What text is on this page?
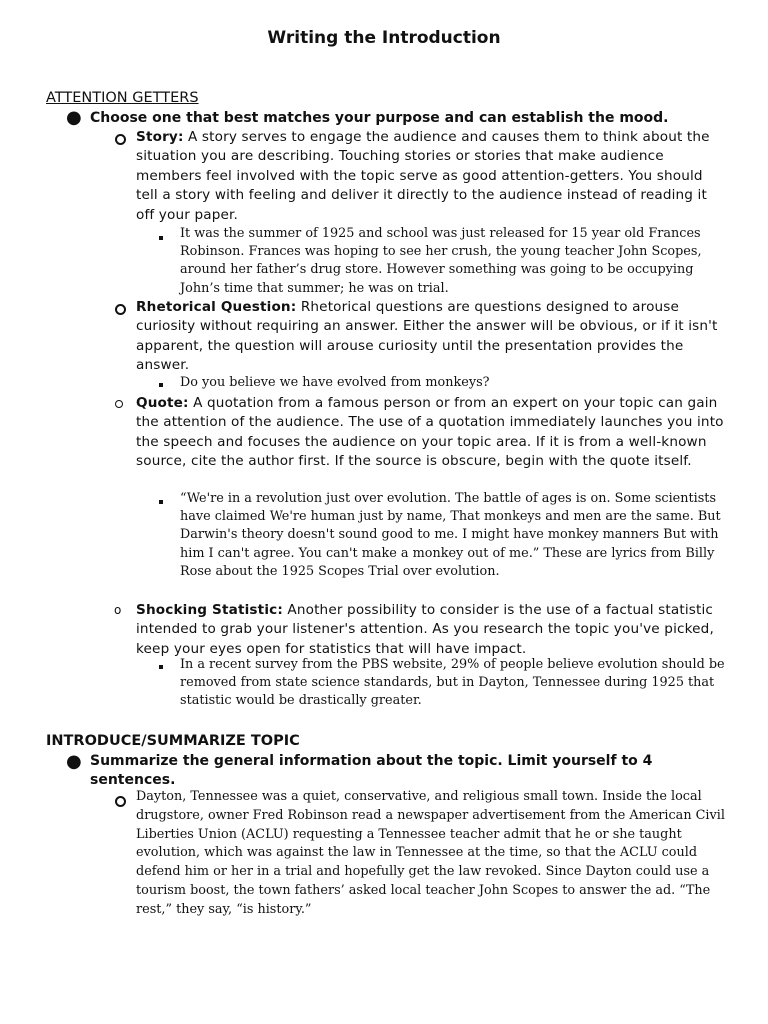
Writing the Introduction
ATTENTION GETTERS
● Choose one that best matches your purpose and can establish the mood.
Story: A story serves to engage the audience and causes them to think about the situation you are describing. Touching stories or stories that make audience members feel involved with the topic serve as good attention-getters. You should tell a story with feeling and deliver it directly to the audience instead of reading it off your paper.
It was the summer of 1925 and school was just released for 15 year old Frances Robinson. Frances was hoping to see her crush, the young teacher John Scopes, around her father’s drug store. However something was going to be occupying John’s time that summer; he was on trial.
Rhetorical Question: Rhetorical questions are questions designed to arouse curiosity without requiring an answer. Either the answer will be obvious, or if it isn't apparent, the question will arouse curiosity until the presentation provides the answer.
Do you believe we have evolved from monkeys?
Quote: A quotation from a famous person or from an expert on your topic can gain the attention of the audience. The use of a quotation immediately launches you into the speech and focuses the audience on your topic area. If it is from a well-known source, cite the author first. If the source is obscure, begin with the quote itself.
“We're in a revolution just over evolution. The battle of ages is on. Some scientists have claimed We're human just by name, That monkeys and men are the same. But Darwin's theory doesn't sound good to me. I might have monkey manners But with him I can't agree. You can't make a monkey out of me.” These are lyrics from Billy Rose about the 1925 Scopes Trial over evolution.
o Shocking Statistic: Another possibility to consider is the use of a factual statistic intended to grab your listener's attention. As you research the topic you've picked, keep your eyes open for statistics that will have impact.
In a recent survey from the PBS website, 29% of people believe evolution should be removed from state science standards, but in Dayton, Tennessee during 1925 that statistic would be drastically greater.
INTRODUCE/SUMMARIZE TOPIC
● Summarize the general information about the topic. Limit yourself to 4 sentences.
Dayton, Tennessee was a quiet, conservative, and religious small town. Inside the local drugstore, owner Fred Robinson read a newspaper advertisement from the American Civil Liberties Union (ACLU) requesting a Tennessee teacher admit that he or she taught evolution, which was against the law in Tennessee at the time, so that the ACLU could defend him or her in a trial and hopefully get the law revoked. Since Dayton could use a tourism boost, the town fathers’ asked local teacher John Scopes to answer the ad. “The rest,” they say, “is history.”
